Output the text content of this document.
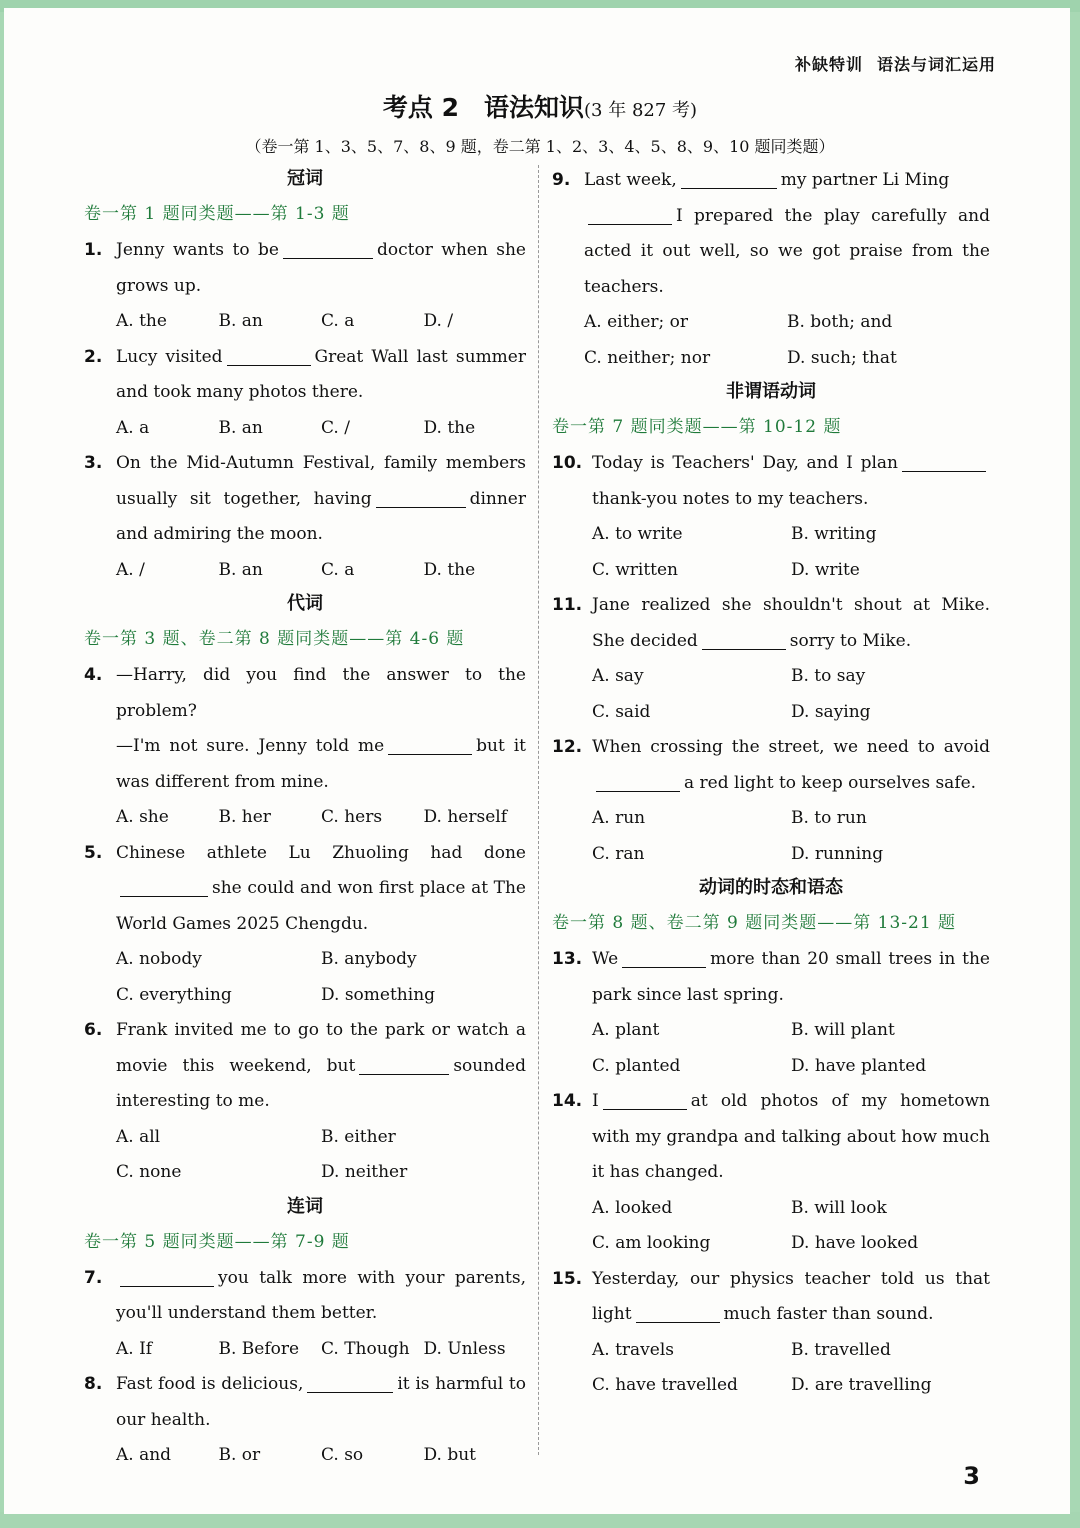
补缺特训 语法与词汇运用
考点 2　语法知识(3 年 827 考)
（卷一第 1、3、5、7、8、9 题，卷二第 1、2、3、4、5、8、9、10 题同类题）
冠词
卷一第 1 题同类题——第 1-3 题
1. Jenny wants to be	doctor when she grows up.
A. the	B. an	C. a	D. /
2. Lucy visited	Great Wall last summer and took many photos there.
A. a	B. an	C. /	D. the
3. On the Mid-Autumn Festival, family members usually sit together, having	dinner and admiring the moon.
A. /	B. an	C. a	D. the
代词
卷一第 3 题、卷二第 8 题同类题——第 4-6 题
4. —Harry, did you find the answer to the problem?
—I'm not sure. Jenny told me	but it was different from mine.
A. she	B. her	C. hers	D. herself
5. Chinese athlete Lu Zhuoling had doneshe could and won first place at The World Games 2025 Chengdu.
A. nobody	B. anybody
C. everything	D. something
6. Frank invited me to go to the park or watch a movie this weekend, but	sounded interesting to me.
A. all	B. either
C. none	D. neither
连词
卷一第 5 题同类题——第 7-9 题
7.	you talk more with your parents, you'll understand them better.
A. If	B. Before	C. Though D. Unless
8. Fast food is delicious,	it is harmful to our health.
A. and	B. or	C. so	D. but
9. Last week,	my partner Li Ming
I prepared the play carefully and acted it out well, so we got praise from the teachers.
A. either; or	B. both; and
C. neither; nor	D. such; that
非谓语动词
卷一第 7 题同类题——第 10-12 题
10. Today is Teachers' Day, and I planthank-you notes to my teachers.
A. to write	B. writing
C. written	D. write
11. Jane realized she shouldn't shout at Mike. She decided	sorry to Mike.
A. say	B. to say
C. said	D. saying
12. When crossing the street, we need to avoida red light to keep ourselves safe.
A. run	B. to run
C. ran	D. running
动词的时态和语态
卷一第 8 题、卷二第 9 题同类题——第 13-21 题
13. We	more than 20 small trees in the park since last spring.
A. plant	B. will plant
C. planted	D. have planted
14. I	at old photos of my hometown with my grandpa and talking about how much it has changed.
A. looked	B. will look
C. am looking	D. have looked
15. Yesterday, our physics teacher told us that light	much faster than sound.
A. travels	B. travelled
C. have travelled	D. are travelling
3
